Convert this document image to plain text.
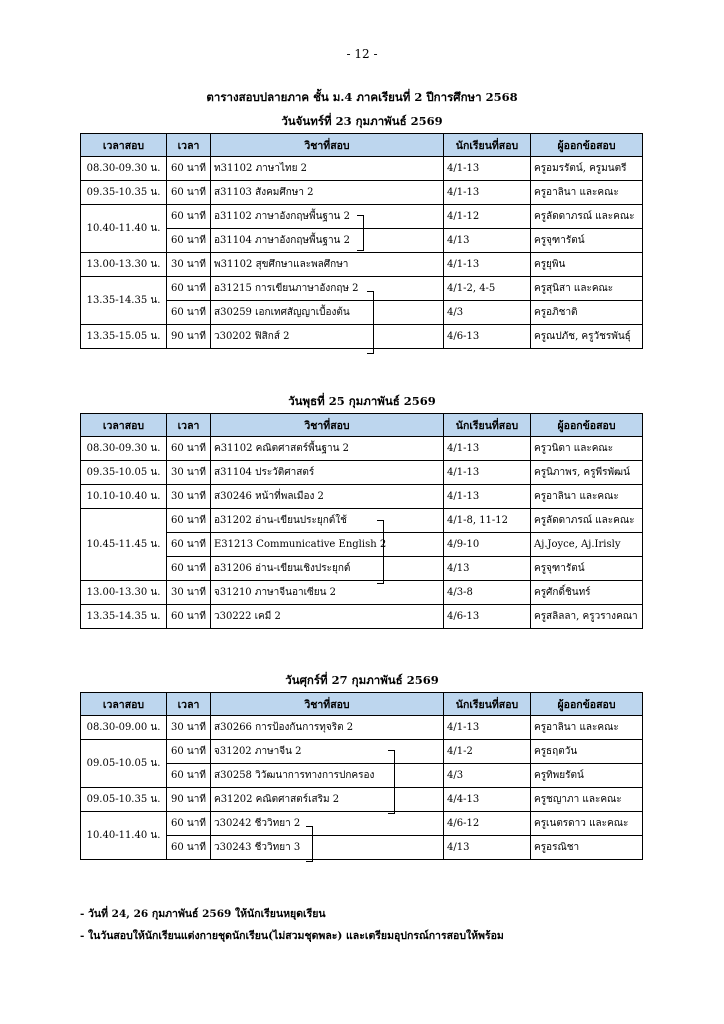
- 12 -
ตารางสอบปลายภาค ชั้น ม.4 ภาคเรียนที่ 2 ปีการศึกษา 2568
วันจันทร์ที่ 23 กุมภาพันธ์ 2569
เวลาสอบ	เวลา	วิชาที่สอบ	นักเรียนที่สอบ	ผู้ออกข้อสอบ
08.30-09.30 น.	60 นาที	ท31102 ภาษาไทย 2	4/1-13	ครูอมรรัตน์, ครูมนตรี
09.35-10.35 น.	60 นาที	ส31103 สังคมศึกษา 2	4/1-13	ครูอาลินา และคณะ
10.40-11.40 น.	60 นาที	อ31102 ภาษาอังกฤษพื้นฐาน 2	4/1-12	ครูลัดดาภรณ์ และคณะ
	60 นาที	อ31104 ภาษาอังกฤษพื้นฐาน 2	4/13	ครูจุฑารัตน์
13.00-13.30 น.	30 นาที	พ31102 สุขศึกษาและพลศึกษา	4/1-13	ครูยุพิน
13.35-14.35 น.	60 นาที	อ31215 การเขียนภาษาอังกฤษ 2	4/1-2, 4-5	ครูสุนิสา และคณะ
	60 นาที	ส30259 เอกเทศสัญญาเบื้องต้น	4/3	ครูอภิชาติ
13.35-15.05 น.	90 นาที	ว30202 ฟิสิกส์ 2	4/6-13	ครูณปภัช, ครูวัชรพันธุ์
วันพุธที่ 25 กุมภาพันธ์ 2569
เวลาสอบ	เวลา	วิชาที่สอบ	นักเรียนที่สอบ	ผู้ออกข้อสอบ
08.30-09.30 น.	60 นาที	ค31102 คณิตศาสตร์พื้นฐาน 2	4/1-13	ครูวนิดา และคณะ
09.35-10.05 น.	30 นาที	ส31104 ประวัติศาสตร์	4/1-13	ครูนิภาพร, ครูพีรพัฒน์
10.10-10.40 น.	30 นาที	ส30246 หน้าที่พลเมือง 2	4/1-13	ครูอาลินา และคณะ
10.45-11.45 น.	60 นาที	อ31202 อ่าน-เขียนประยุกต์ใช้	4/1-8, 11-12	ครูลัดดาภรณ์ และคณะ
	60 นาที	E31213 Communicative English 2	4/9-10	Aj.Joyce, Aj.Irisly
	60 นาที	อ31206 อ่าน-เขียนเชิงประยุกต์	4/13	ครูจุฑารัตน์
13.00-13.30 น.	30 นาที	จ31210 ภาษาจีนอาเซียน 2	4/3-8	ครูศักดิ์ชินทร์
13.35-14.35 น.	60 นาที	ว30222 เคมี 2	4/6-13	ครูสลิลลา, ครูวรางคณา
วันศุกร์ที่ 27 กุมภาพันธ์ 2569
เวลาสอบ	เวลา	วิชาที่สอบ	นักเรียนที่สอบ	ผู้ออกข้อสอบ
08.30-09.00 น.	30 นาที	ส30266 การป้องกันการทุจริต 2	4/1-13	ครูอาลินา และคณะ
09.05-10.05 น.	60 นาที	จ31202 ภาษาจีน 2	4/1-2	ครูธฤตวัน
	60 นาที	ส30258 วิวัฒนาการทางการปกครอง	4/3	ครูทิพยรัตน์
09.05-10.35 น.	90 นาที	ค31202 คณิตศาสตร์เสริม 2	4/4-13	ครูชญาภา และคณะ
10.40-11.40 น.	60 นาที	ว30242 ชีววิทยา 2	4/6-12	ครูเนตรดาว และคณะ
	60 นาที	ว30243 ชีววิทยา 3	4/13	ครูอรณิชา
- วันที่ 24, 26 กุมภาพันธ์ 2569 ให้นักเรียนหยุดเรียน
- ในวันสอบให้นักเรียนแต่งกายชุดนักเรียน(ไม่สวมชุดพละ) และเตรียมอุปกรณ์การสอบให้พร้อม
